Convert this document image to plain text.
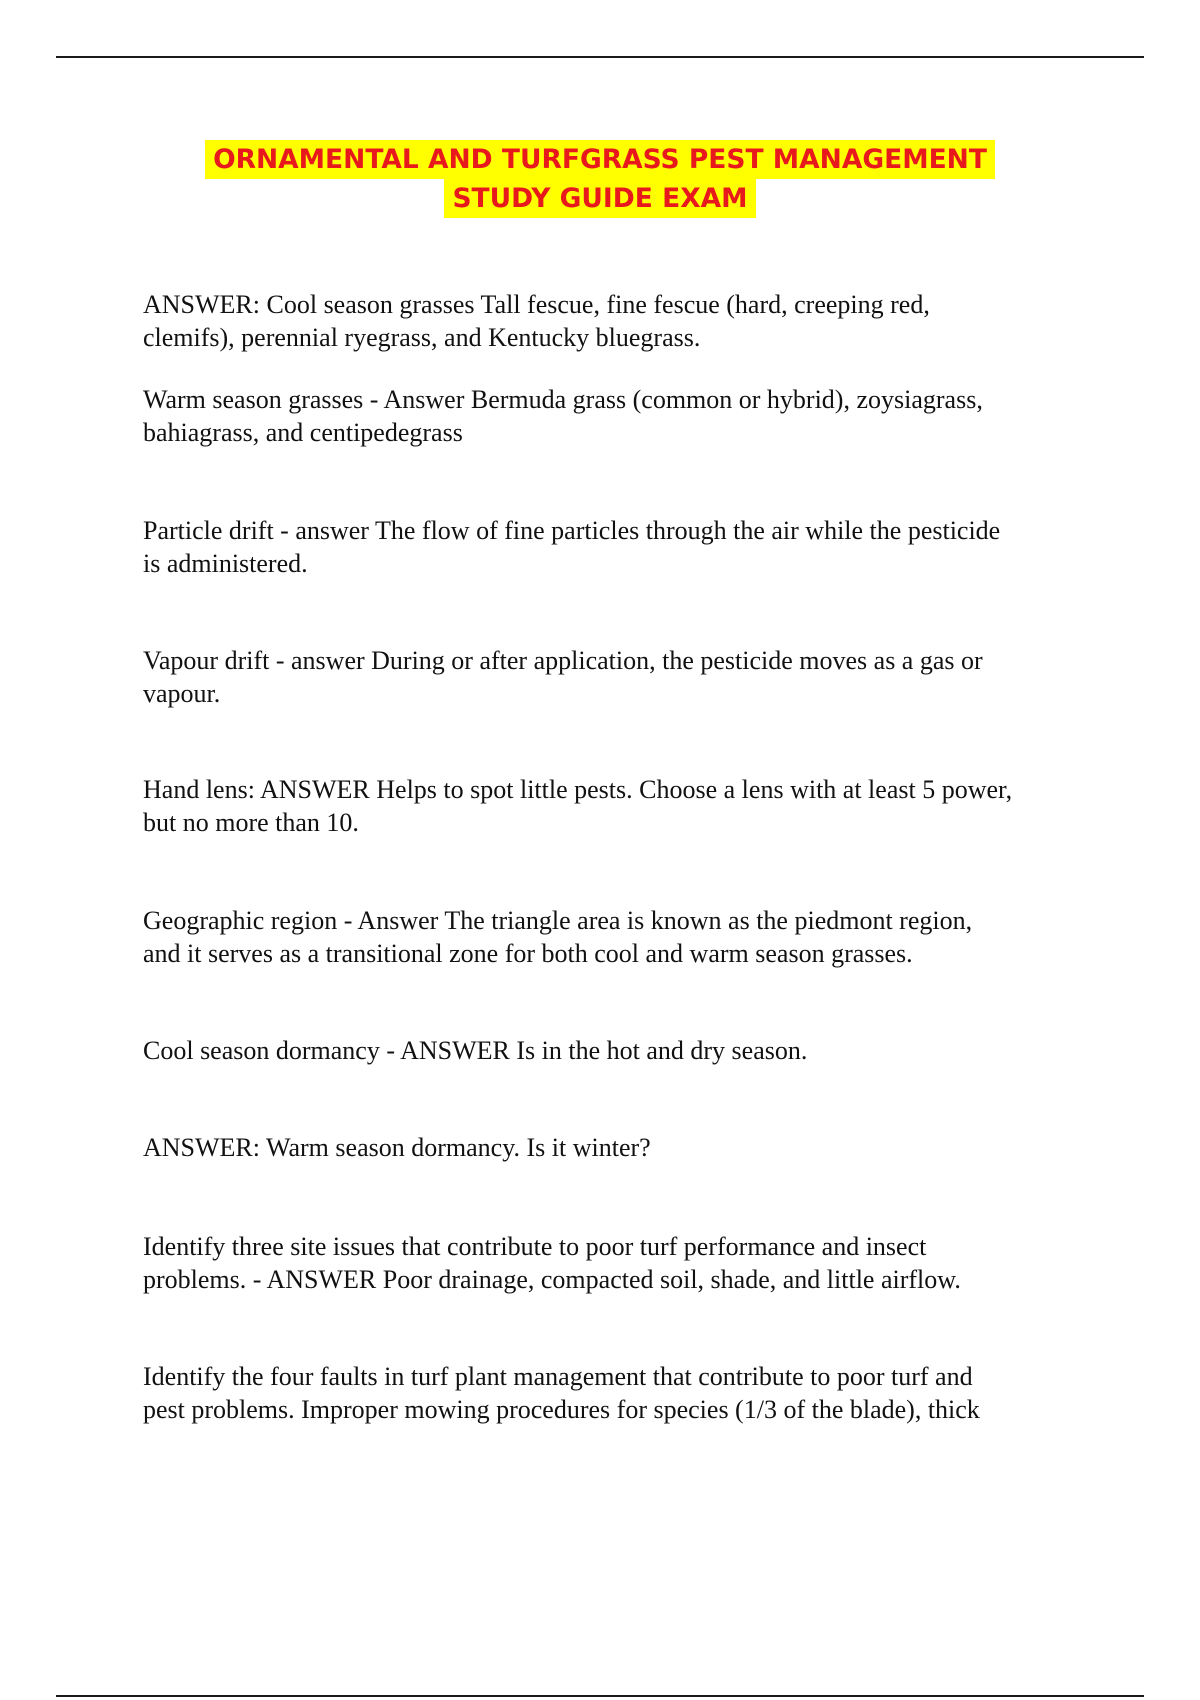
ORNAMENTAL AND TURFGRASS PEST MANAGEMENT
STUDY GUIDE EXAM

ANSWER: Cool season grasses Tall fescue, fine fescue (hard, creeping red,
clemifs), perennial ryegrass, and Kentucky bluegrass.

Warm season grasses - Answer Bermuda grass (common or hybrid), zoysiagrass,
bahiagrass, and centipedegrass

Particle drift - answer The flow of fine particles through the air while the pesticide
is administered.

Vapour drift - answer During or after application, the pesticide moves as a gas or
vapour.

Hand lens: ANSWER Helps to spot little pests. Choose a lens with at least 5 power,
but no more than 10.

Geographic region - Answer The triangle area is known as the piedmont region,
and it serves as a transitional zone for both cool and warm season grasses.

Cool season dormancy - ANSWER Is in the hot and dry season.

ANSWER: Warm season dormancy. Is it winter?

Identify three site issues that contribute to poor turf performance and insect
problems. - ANSWER Poor drainage, compacted soil, shade, and little airflow.

Identify the four faults in turf plant management that contribute to poor turf and
pest problems. Improper mowing procedures for species (1/3 of the blade), thick
